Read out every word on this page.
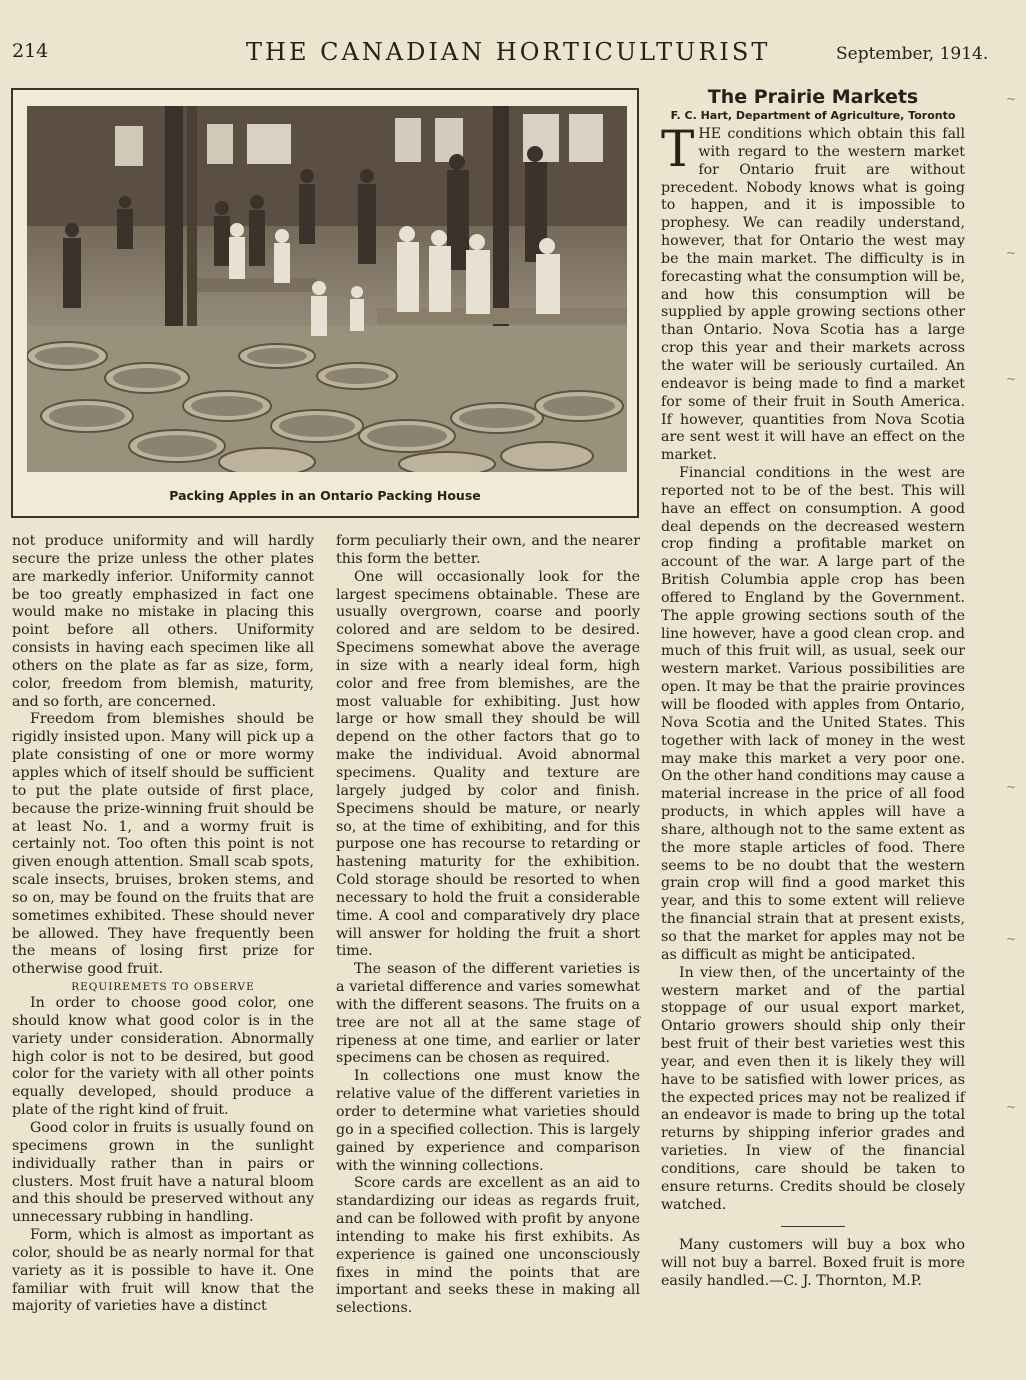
214	THE CANADIAN HORTICULTURIST	September, 1914.
Packing Apples in an Ontario Packing House

not produce uniformity and will hardly secure the prize unless the other plates are markedly inferior. Uniformity cannot be too greatly emphasized in fact one would make no mistake in placing this point before all others. Uniformity consists in having each specimen like all others on the plate as far as size, form, color, freedom from blemish, maturity, and so forth, are concerned.

Freedom from blemishes should be rigidly insisted upon. Many will pick up a plate consisting of one or more wormy apples which of itself should be sufficient to put the plate outside of first place, because the prize-winning fruit should be at least No. 1, and a wormy fruit is certainly not. Too often this point is not given enough attention. Small scab spots, scale insects, bruises, broken stems, and so on, may be found on the fruits that are sometimes exhibited. These should never be allowed. They have frequently been the means of losing first prize for otherwise good fruit.

REQUIREMETS TO OBSERVE

In order to choose good color, one should know what good color is in the variety under consideration. Abnormally high color is not to be desired, but good color for the variety with all other points equally developed, should produce a plate of the right kind of fruit.

Good color in fruits is usually found on specimens grown in the sunlight individually rather than in pairs or clusters. Most fruit have a natural bloom and this should be preserved without any unnecessary rubbing in handling.

Form, which is almost as important as color, should be as nearly normal for that variety as it is possible to have it. One familiar with fruit will know that the majority of varieties have a distinct

form peculiarly their own, and the nearer this form the better.

One will occasionally look for the largest specimens obtainable. These are usually overgrown, coarse and poorly colored and are seldom to be desired. Specimens somewhat above the average in size with a nearly ideal form, high color and free from blemishes, are the most valuable for exhibiting. Just how large or how small they should be will depend on the other factors that go to make the individual. Avoid abnormal specimens. Quality and texture are largely judged by color and finish. Specimens should be mature, or nearly so, at the time of exhibiting, and for this purpose one has recourse to retarding or hastening maturity for the exhibition. Cold storage should be resorted to when necessary to hold the fruit a considerable time. A cool and comparatively dry place will answer for holding the fruit a short time.

The season of the different varieties is a varietal difference and varies somewhat with the different seasons. The fruits on a tree are not all at the same stage of ripeness at one time, and earlier or later specimens can be chosen as required.

In collections one must know the relative value of the different varieties in order to determine what varieties should go in a specified collection. This is largely gained by experience and comparison with the winning collections.

Score cards are excellent as an aid to standardizing our ideas as regards fruit, and can be followed with profit by anyone intending to make his first exhibits. As experience is gained one unconsciously fixes in mind the points that are important and seeks these in making all selections.

The Prairie Markets
F. C. Hart, Department of Agriculture, Toronto

THE conditions which obtain this fall with regard to the western market for Ontario fruit are without precedent. Nobody knows what is going to happen, and it is impossible to prophesy. We can readily understand, however, that for Ontario the west may be the main market. The difficulty is in forecasting what the consumption will be, and how this consumption will be supplied by apple growing sections other than Ontario. Nova Scotia has a large crop this year and their markets across the water will be seriously curtailed. An endeavor is being made to find a market for some of their fruit in South America. If however, quantities from Nova Scotia are sent west it will have an effect on the market.

Financial conditions in the west are reported not to be of the best. This will have an effect on consumption. A good deal depends on the decreased western crop finding a profitable market on account of the war. A large part of the British Columbia apple crop has been offered to England by the Government. The apple growing sections south of the line however, have a good clean crop. and much of this fruit will, as usual, seek our western market. Various possibilities are open. It may be that the prairie provinces will be flooded with apples from Ontario, Nova Scotia and the United States. This together with lack of money in the west may make this market a very poor one. On the other hand conditions may cause a material increase in the price of all food products, in which apples will have a share, although not to the same extent as the more staple articles of food. There seems to be no doubt that the western grain crop will find a good market this year, and this to some extent will relieve the financial strain that at present exists, so that the market for apples may not be as difficult as might be anticipated.

In view then, of the uncertainty of the western market and of the partial stoppage of our usual export market, Ontario growers should ship only their best fruit of their best varieties west this year, and even then it is likely they will have to be satisfied with lower prices, as the expected prices may not be realized if an endeavor is made to bring up the total returns by shipping inferior grades and varieties. In view of the financial conditions, care should be taken to ensure returns. Credits should be closely watched.

Many customers will buy a box who will not buy a barrel. Boxed fruit is more easily handled.—C. J. Thornton, M.P.

~
~
~
~
~
~
